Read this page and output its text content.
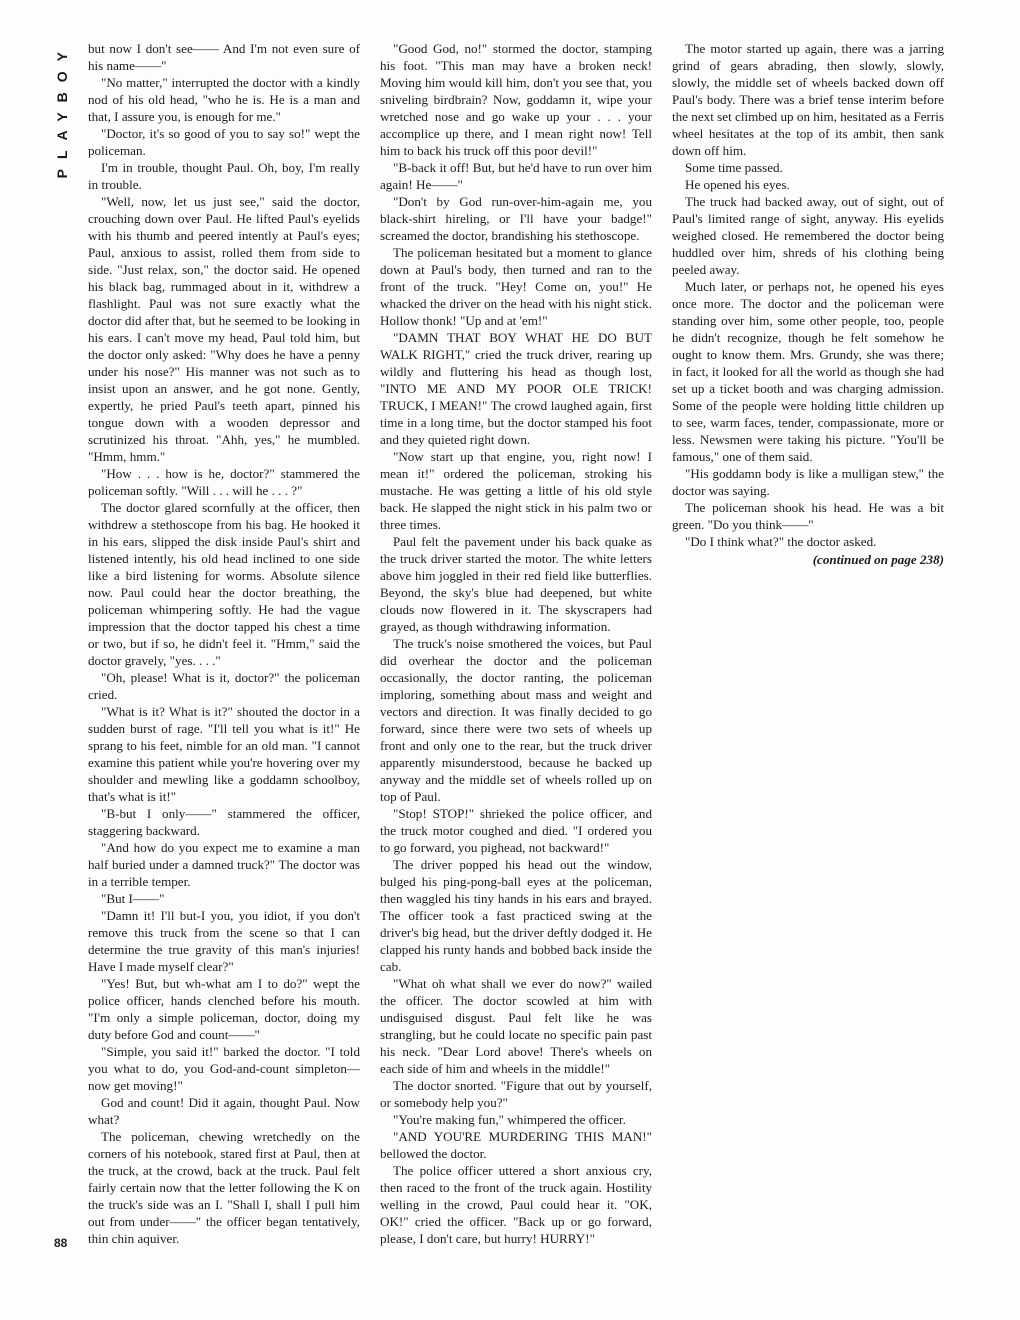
PLAYBOY
88

but now I don't see—— And I'm not even sure of his name——"

"No matter," interrupted the doctor with a kindly nod of his old head, "who he is. He is a man and that, I assure you, is enough for me."

"Doctor, it's so good of you to say so!" wept the policeman.

I'm in trouble, thought Paul. Oh, boy, I'm really in trouble.

"Well, now, let us just see," said the doctor, crouching down over Paul. He lifted Paul's eyelids with his thumb and peered intently at Paul's eyes; Paul, anxious to assist, rolled them from side to side. "Just relax, son," the doctor said. He opened his black bag, rummaged about in it, withdrew a flashlight. Paul was not sure exactly what the doctor did after that, but he seemed to be looking in his ears. I can't move my head, Paul told him, but the doctor only asked: "Why does he have a penny under his nose?" His manner was not such as to insist upon an answer, and he got none. Gently, expertly, he pried Paul's teeth apart, pinned his tongue down with a wooden depressor and scrutinized his throat. "Ahh, yes," he mumbled. "Hmm, hmm."

"How . . . how is he, doctor?" stammered the policeman softly. "Will . . . will he . . . ?"

The doctor glared scornfully at the officer, then withdrew a stethoscope from his bag. He hooked it in his ears, slipped the disk inside Paul's shirt and listened intently, his old head inclined to one side like a bird listening for worms. Absolute silence now. Paul could hear the doctor breathing, the policeman whimpering softly. He had the vague impression that the doctor tapped his chest a time or two, but if so, he didn't feel it. "Hmm," said the doctor gravely, "yes. . . ."

"Oh, please! What is it, doctor?" the policeman cried.

"What is it? What is it?" shouted the doctor in a sudden burst of rage. "I'll tell you what is it!" He sprang to his feet, nimble for an old man. "I cannot examine this patient while you're hovering over my shoulder and mewling like a goddamn schoolboy, that's what is it!"

"B-but I only——" stammered the officer, staggering backward.

"And how do you expect me to examine a man half buried under a damned truck?" The doctor was in a terrible temper.

"But I——"

"Damn it! I'll but-I you, you idiot, if you don't remove this truck from the scene so that I can determine the true gravity of this man's injuries! Have I made myself clear?"

"Yes! But, but wh-what am I to do?" wept the police officer, hands clenched before his mouth. "I'm only a simple policeman, doctor, doing my duty before God and count——"

"Simple, you said it!" barked the doctor. "I told you what to do, you God-and-count simpleton—now get moving!"

God and count! Did it again, thought Paul. Now what?

The policeman, chewing wretchedly on the corners of his notebook, stared first at Paul, then at the truck, at the crowd, back at the truck. Paul felt fairly certain now that the letter following the K on the truck's side was an I. "Shall I, shall I pull him out from under——" the officer began tentatively, thin chin aquiver.

"Good God, no!" stormed the doctor, stamping his foot. "This man may have a broken neck! Moving him would kill him, don't you see that, you sniveling birdbrain? Now, goddamn it, wipe your wretched nose and go wake up your . . . your accomplice up there, and I mean right now! Tell him to back his truck off this poor devil!"

"B-back it off! But, but he'd have to run over him again! He——"

"Don't by God run-over-him-again me, you black-shirt hireling, or I'll have your badge!" screamed the doctor, brandishing his stethoscope.

The policeman hesitated but a moment to glance down at Paul's body, then turned and ran to the front of the truck. "Hey! Come on, you!" He whacked the driver on the head with his night stick. Hollow thonk! "Up and at 'em!"

"DAMN THAT BOY WHAT HE DO BUT WALK RIGHT," cried the truck driver, rearing up wildly and fluttering his head as though lost, "INTO ME AND MY POOR OLE TRICK! TRUCK, I MEAN!" The crowd laughed again, first time in a long time, but the doctor stamped his foot and they quieted right down.

"Now start up that engine, you, right now! I mean it!" ordered the policeman, stroking his mustache. He was getting a little of his old style back. He slapped the night stick in his palm two or three times.

Paul felt the pavement under his back quake as the truck driver started the motor. The white letters above him joggled in their red field like butterflies. Beyond, the sky's blue had deepened, but white clouds now flowered in it. The skyscrapers had grayed, as though withdrawing information.

The truck's noise smothered the voices, but Paul did overhear the doctor and the policeman occasionally, the doctor ranting, the policeman imploring, something about mass and weight and vectors and direction. It was finally decided to go forward, since there were two sets of wheels up front and only one to the rear, but the truck driver apparently misunderstood, because he backed up anyway and the middle set of wheels rolled up on top of Paul.

"Stop! STOP!" shrieked the police officer, and the truck motor coughed and died. "I ordered you to go forward, you pighead, not backward!"

The driver popped his head out the window, bulged his ping-pong-ball eyes at the policeman, then waggled his tiny hands in his ears and brayed. The officer took a fast practiced swing at the driver's big head, but the driver deftly dodged it. He clapped his runty hands and bobbed back inside the cab.

"What oh what shall we ever do now?" wailed the officer. The doctor scowled at him with undisguised disgust. Paul felt like he was strangling, but he could locate no specific pain past his neck. "Dear Lord above! There's wheels on each side of him and wheels in the middle!"

The doctor snorted. "Figure that out by yourself, or somebody help you?"

"You're making fun," whimpered the officer.

"AND YOU'RE MURDERING THIS MAN!" bellowed the doctor.

The police officer uttered a short anxious cry, then raced to the front of the truck again. Hostility welling in the crowd, Paul could hear it. "OK, OK!" cried the officer. "Back up or go forward, please, I don't care, but hurry! HURRY!"

The motor started up again, there was a jarring grind of gears abrading, then slowly, slowly, slowly, the middle set of wheels backed down off Paul's body. There was a brief tense interim before the next set climbed up on him, hesitated as a Ferris wheel hesitates at the top of its ambit, then sank down off him.

Some time passed.

He opened his eyes.

The truck had backed away, out of sight, out of Paul's limited range of sight, anyway. His eyelids weighed closed. He remembered the doctor being huddled over him, shreds of his clothing being peeled away.

Much later, or perhaps not, he opened his eyes once more. The doctor and the policeman were standing over him, some other people, too, people he didn't recognize, though he felt somehow he ought to know them. Mrs. Grundy, she was there; in fact, it looked for all the world as though she had set up a ticket booth and was charging admission. Some of the people were holding little children up to see, warm faces, tender, compassionate, more or less. Newsmen were taking his picture. "You'll be famous," one of them said.

"His goddamn body is like a mulligan stew," the doctor was saying.

The policeman shook his head. He was a bit green. "Do you think——"

"Do I think what?" the doctor asked.

(continued on page 238)
